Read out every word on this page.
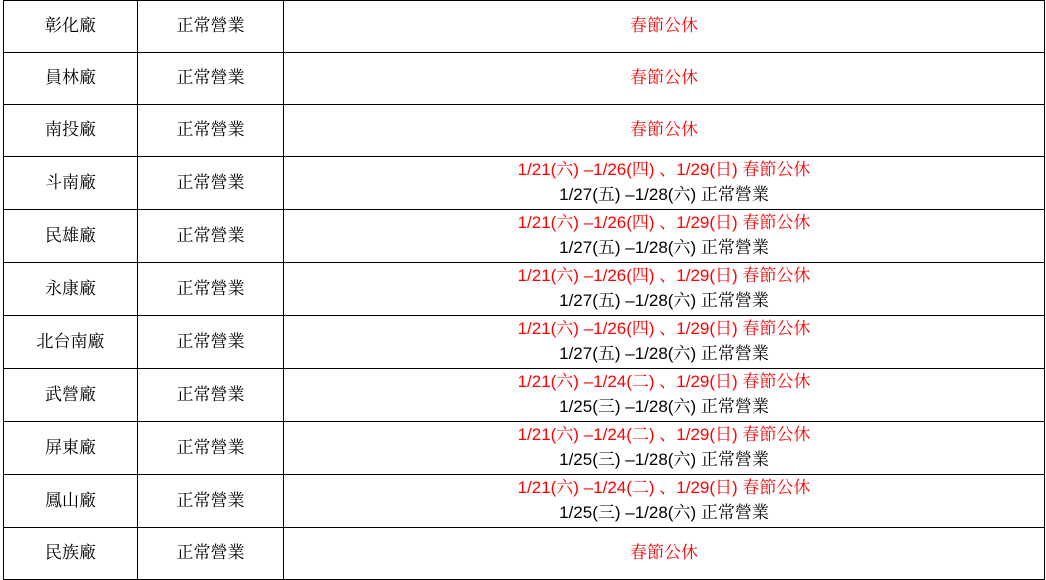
彰化廠	正常營業	春節公休
員林廠	正常營業	春節公休
南投廠	正常營業	春節公休
斗南廠	正常營業	1/21(六) –1/26(四) 、1/29(日) 春節公休
1/27(五) –1/28(六) 正常營業

民雄廠	正常營業	1/21(六) –1/26(四) 、1/29(日) 春節公休
1/27(五) –1/28(六) 正常營業

永康廠	正常營業	1/21(六) –1/26(四) 、1/29(日) 春節公休
1/27(五) –1/28(六) 正常營業

北台南廠	正常營業	1/21(六) –1/26(四) 、1/29(日) 春節公休
1/27(五) –1/28(六) 正常營業

武營廠	正常營業	1/21(六) –1/24(二) 、1/29(日) 春節公休
1/25(三) –1/28(六) 正常營業

屏東廠	正常營業	1/21(六) –1/24(二) 、1/29(日) 春節公休
1/25(三) –1/28(六) 正常營業

鳳山廠	正常營業	1/21(六) –1/24(二) 、1/29(日) 春節公休
1/25(三) –1/28(六) 正常營業

民族廠	正常營業	春節公休
